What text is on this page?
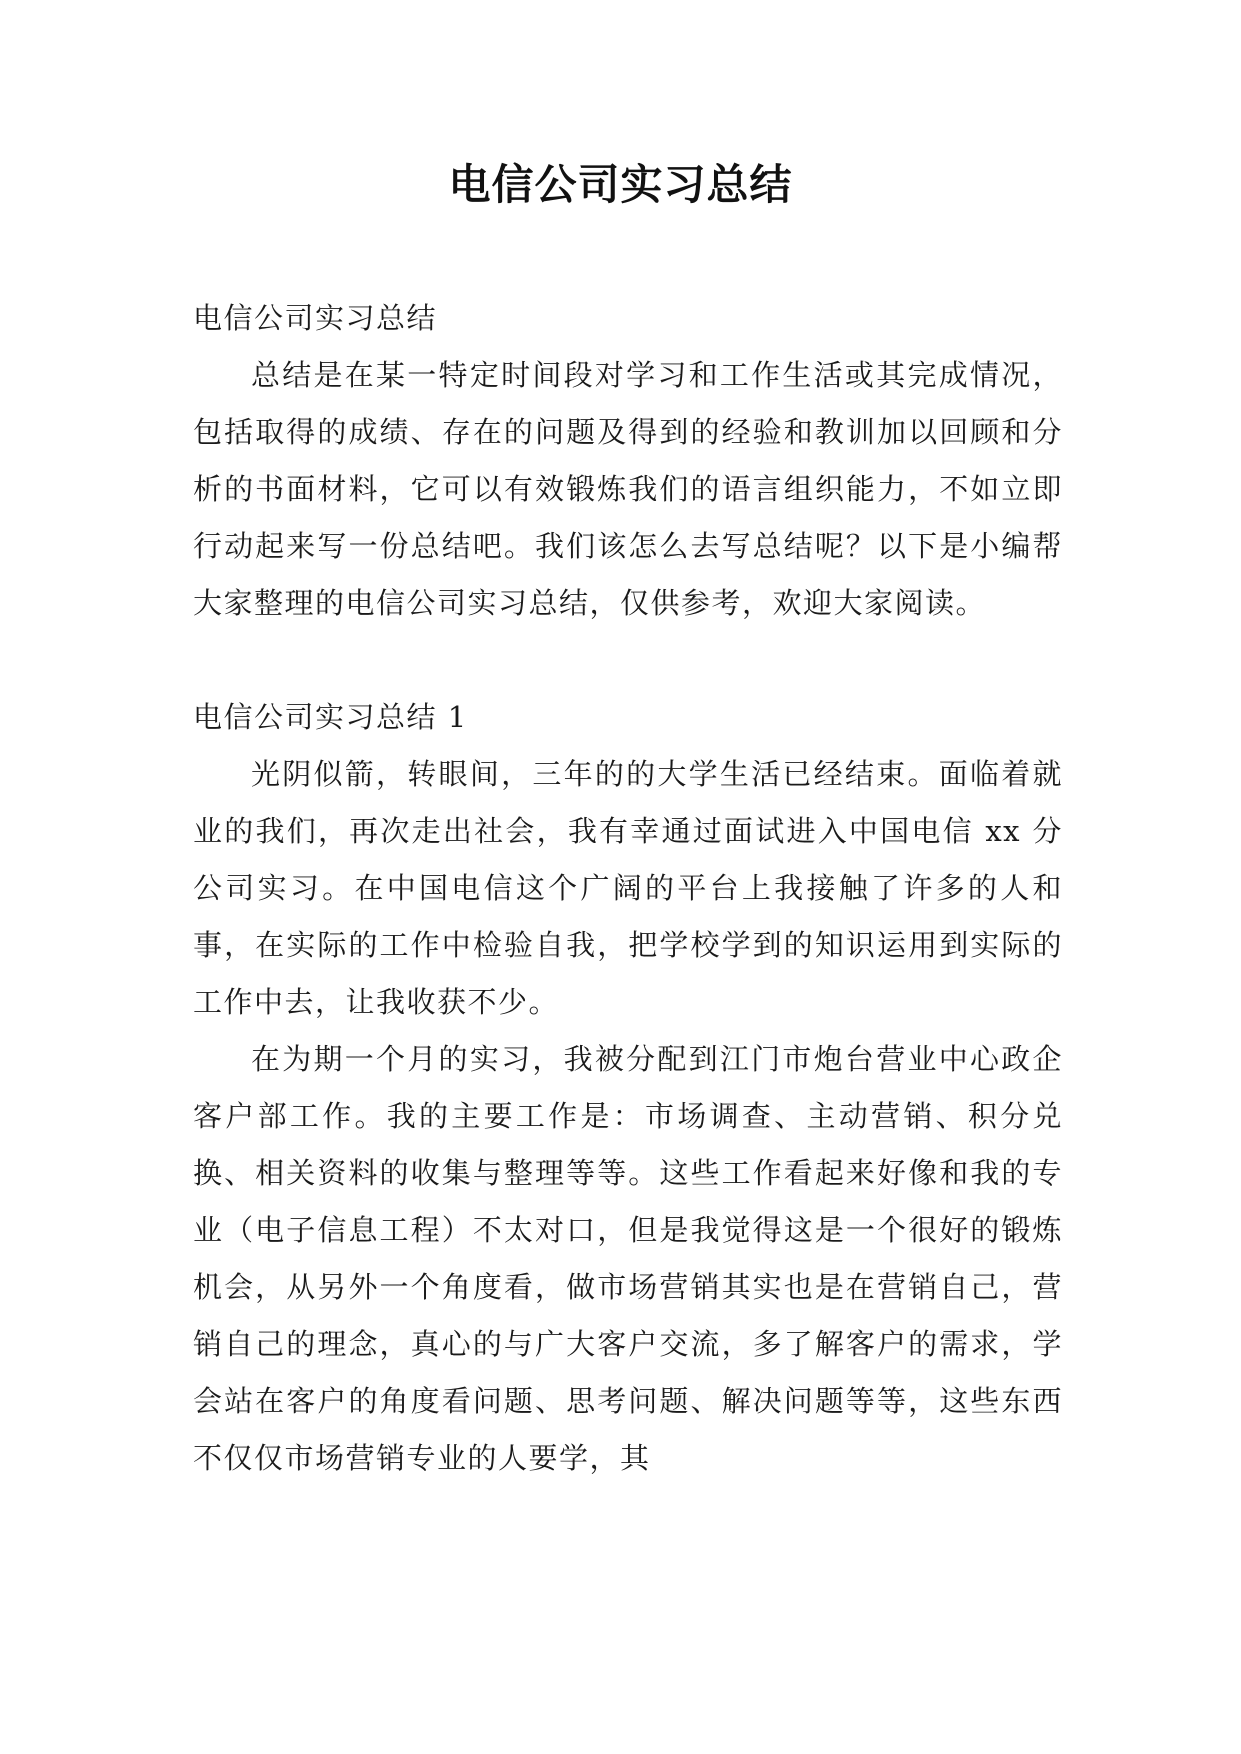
电信公司实习总结

电信公司实习总结

总结是在某一特定时间段对学习和工作生活或其完成情况，包括取得的成绩、存在的问题及得到的经验和教训加以回顾和分析的书面材料，它可以有效锻炼我们的语言组织能力，不如立即行动起来写一份总结吧。我们该怎么去写总结呢？以下是小编帮大家整理的电信公司实习总结，仅供参考，欢迎大家阅读。

电信公司实习总结 1

光阴似箭，转眼间，三年的的大学生活已经结束。面临着就业的我们，再次走出社会，我有幸通过面试进入中国电信 xx 分公司实习。在中国电信这个广阔的平台上我接触了许多的人和事，在实际的工作中检验自我，把学校学到的知识运用到实际的工作中去，让我收获不少。

在为期一个月的实习，我被分配到江门市炮台营业中心政企客户部工作。我的主要工作是：市场调查、主动营销、积分兑换、相关资料的收集与整理等等。这些工作看起来好像和我的专业（电子信息工程）不太对口，但是我觉得这是一个很好的锻炼机会，从另外一个角度看，做市场营销其实也是在营销自己，营销自己的理念，真心的与广大客户交流，多了解客户的需求，学会站在客户的角度看问题、思考问题、解决问题等等，这些东西不仅仅市场营销专业的人要学，其
